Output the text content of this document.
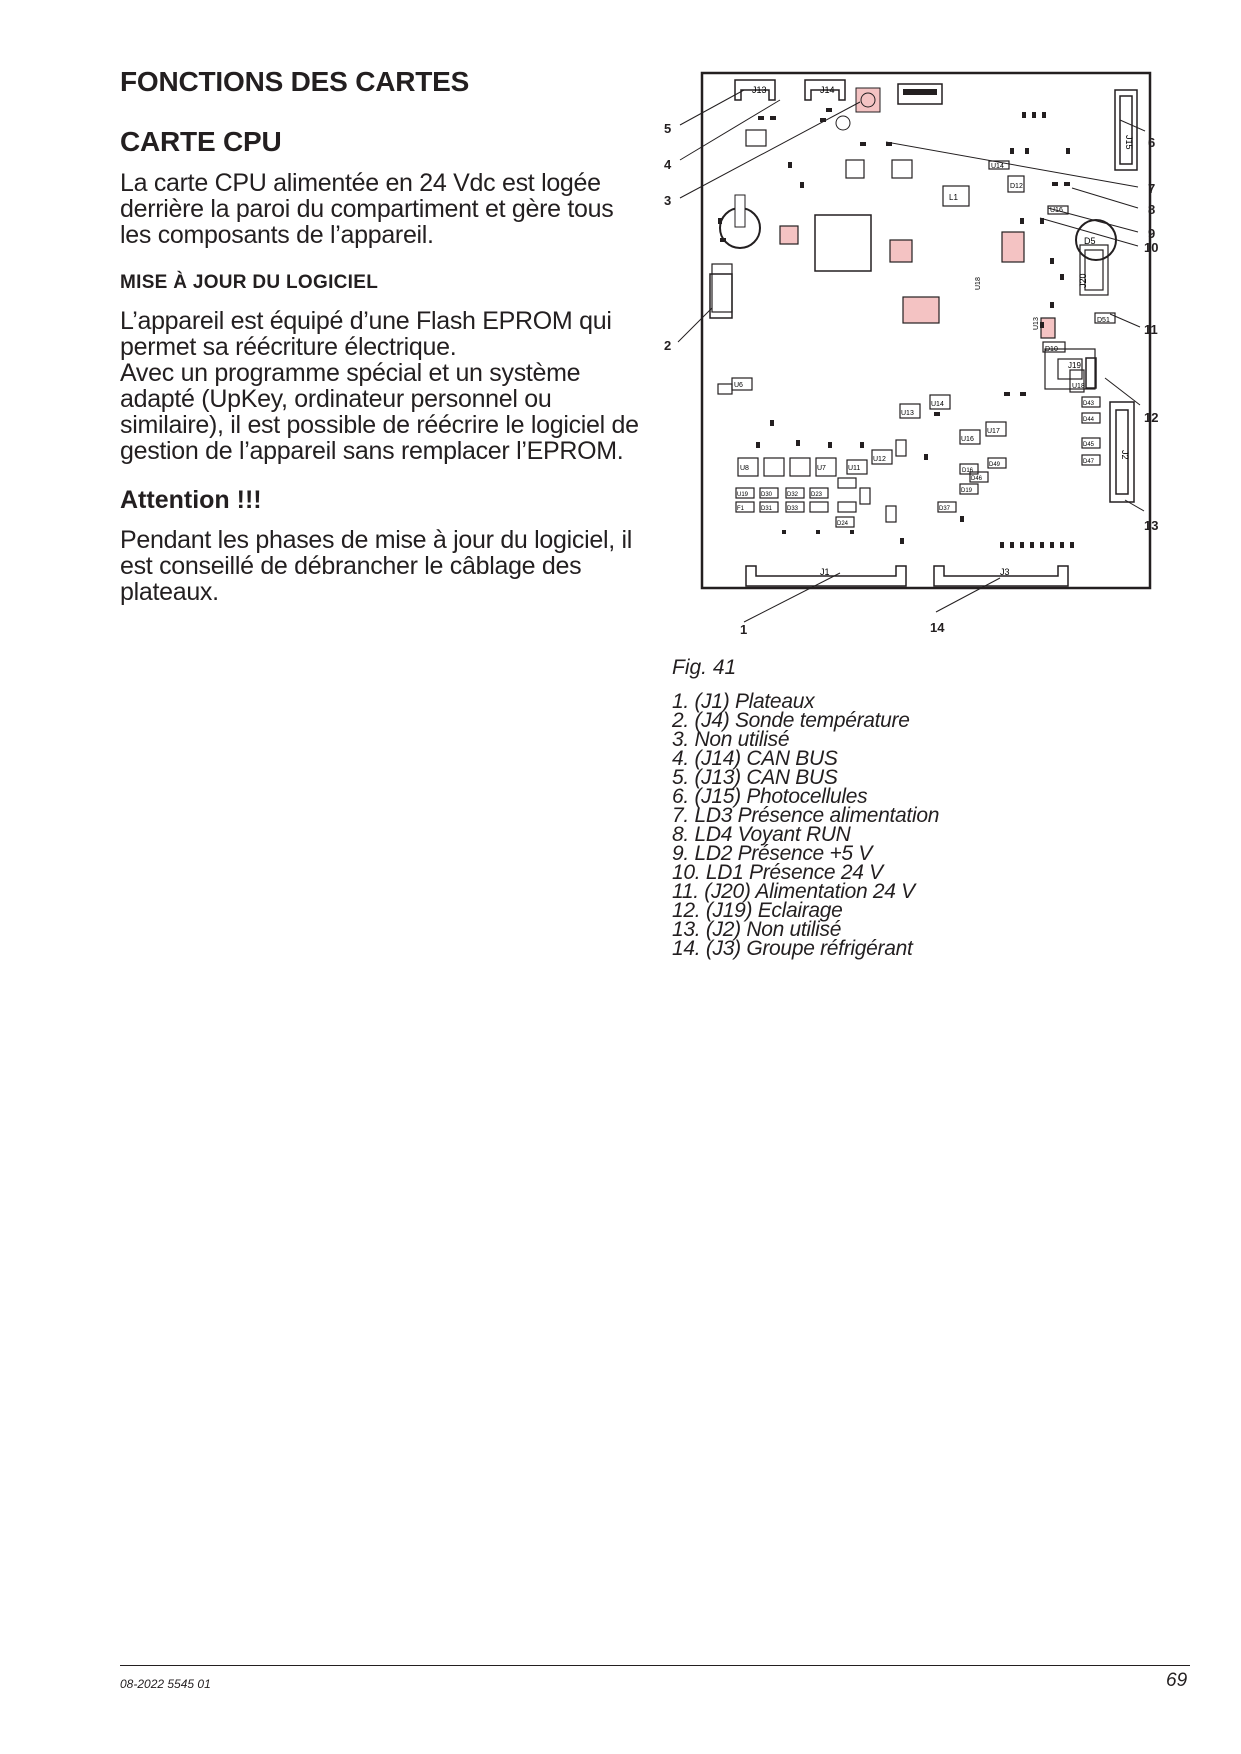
FONCTIONS DES CARTES
CARTE CPU

La carte CPU alimentée en 24 Vdc est logée derrière la paroi du compartiment et gère tous les composants de l’appareil.

MISE À JOUR DU LOGICIEL

L’appareil est équipé d’une Flash EPROM qui permet sa réécriture électrique.

Avec un programme spécial et un système adapté (UpKey, ordinateur personnel ou similaire), il est possible de réécrire le logiciel de gestion de l’appareil sans remplacer l’EPROM.

Attention !!!

Pendant les phases de mise à jour du logiciel, il est conseillé de débrancher le câblage des plateaux.

J13	J14
J15
D5
J20
J19
L1
D12
U14
U16
D51
D10
U18
U13
J2
U8	U7	U11
U12
U6
U13
U14
U16
U17
U18
F1
U19 D30
D31
D32
D33
D23
D24
D37
D19
D43
D44
D45
D46
D47
D49
D16
J1	J3
5
4
3
2
6
7
8
9
10
11
12
13
1	14
Fig. 41
1. (J1) Plateaux
2. (J4) Sonde température
3. Non utilisé
4. (J14) CAN BUS
5. (J13) CAN BUS
6. (J15) Photocellules
7. LD3 Présence alimentation
8. LD4 Voyant RUN
9. LD2 Présence +5 V
10. LD1 Présence 24 V
11. (J20) Alimentation 24 V
12. (J19) Eclairage
13. (J2) Non utilisé
14. (J3) Groupe réfrigérant
08-2022 5545 01	69
